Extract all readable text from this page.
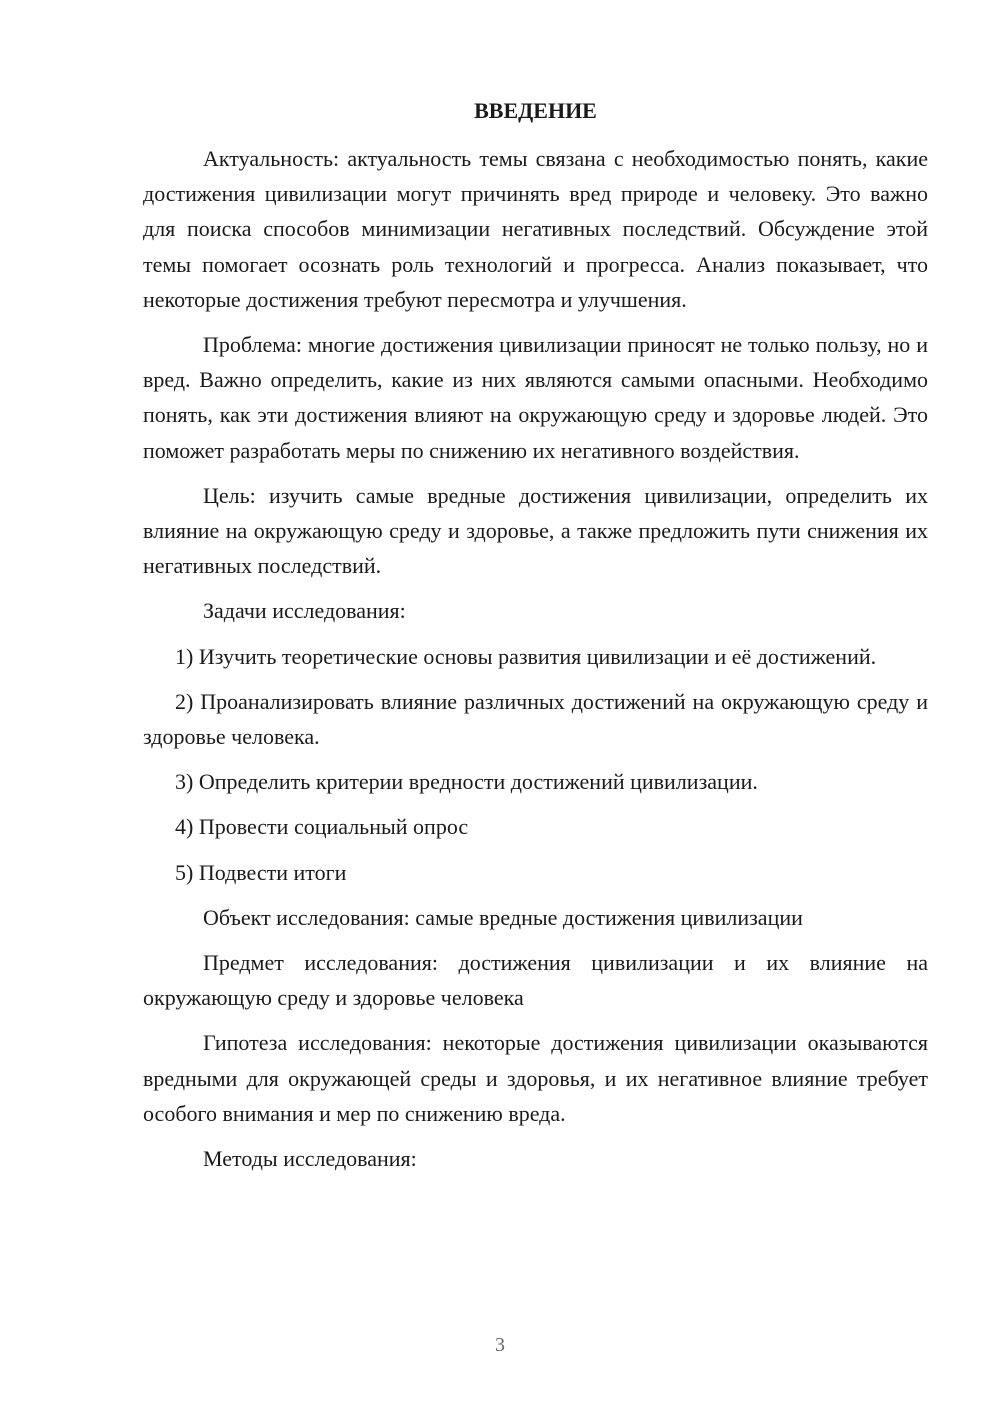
ВВЕДЕНИЕ

Актуальность: актуальность темы связана с необходимостью понять, какие достижения цивилизации могут причинять вред природе и человеку. Это важно для поиска способов минимизации негативных последствий. Обсуждение этой темы помогает осознать роль технологий и прогресса. Анализ показывает, что некоторые достижения требуют пересмотра и улучшения.

Проблема: многие достижения цивилизации приносят не только пользу, но и вред. Важно определить, какие из них являются самыми опасными. Необходимо понять, как эти достижения влияют на окружающую среду и здоровье людей. Это поможет разработать меры по снижению их негативного воздействия.

Цель: изучить самые вредные достижения цивилизации, определить их влияние на окружающую среду и здоровье, а также предложить пути снижения их негативных последствий.

Задачи исследования:

1) Изучить теоретические основы развития цивилизации и её достижений.

2) Проанализировать влияние различных достижений на окружающую среду и здоровье человека.

3) Определить критерии вредности достижений цивилизации.

4) Провести социальный опрос

5) Подвести итоги

Объект исследования: самые вредные достижения цивилизации

Предмет исследования: достижения цивилизации и их влияние на окружающую среду и здоровье человека

Гипотеза исследования: некоторые достижения цивилизации оказываются вредными для окружающей среды и здоровья, и их негативное влияние требует особого внимания и мер по снижению вреда.

Методы исследования:

3
